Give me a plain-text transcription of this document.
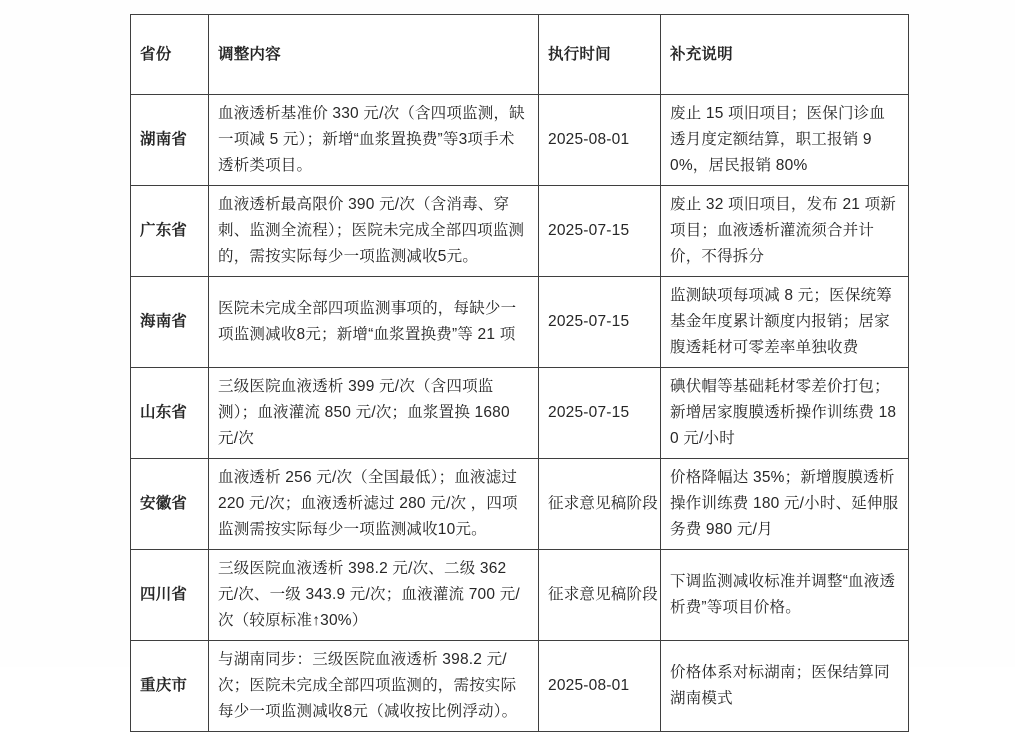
省份	调整内容	执行时间	补充说明
湖南省	血液透析基准价 330 元/次（含四项监测，缺一项减 5 元）；新增“血浆置换费”等3项手术透析类项目。	2025-08-01	废止 15 项旧项目；医保门诊血透月度定额结算，职工报销 90%，居民报销 80%
广东省	血液透析最高限价 390 元/次（含消毒、穿刺、监测全流程）；医院未完成全部四项监测的，需按实际每少一项监测减收5元。	2025-07-15	废止 32 项旧项目，发布 21 项新项目；血液透析灌流须合并计价，不得拆分
海南省	医院未完成全部四项监测事项的，每缺少一项监测减收8元；新增“血浆置换费”等 21 项	2025-07-15	监测缺项每项减 8 元；医保统筹基金年度累计额度内报销；居家腹透耗材可零差率单独收费
山东省	三级医院血液透析 399 元/次（含四项监测）；血液灌流 850 元/次；血浆置换 1680 元/次	2025-07-15	碘伏帽等基础耗材零差价打包；新增居家腹膜透析操作训练费 180 元/小时
安徽省	血液透析 256 元/次（全国最低）；血液滤过 220 元/次；血液透析滤过 280 元/次 ，四项监测需按实际每少一项监测减收10元。	征求意见稿阶段	价格降幅达 35%；新增腹膜透析操作训练费 180 元/小时、延伸服务费 980 元/月
四川省	三级医院血液透析 398.2 元/次、二级 362 元/次、一级 343.9 元/次；血液灌流 700 元/次（较原标准↑30%）	征求意见稿阶段	下调监测减收标准并调整“血液透析费”等项目价格。
重庆市	与湖南同步：三级医院血液透析 398.2 元/次；医院未完成全部四项监测的，需按实际每少一项监测减收8元（减收按比例浮动）。	2025-08-01	价格体系对标湖南；医保结算同湖南模式
